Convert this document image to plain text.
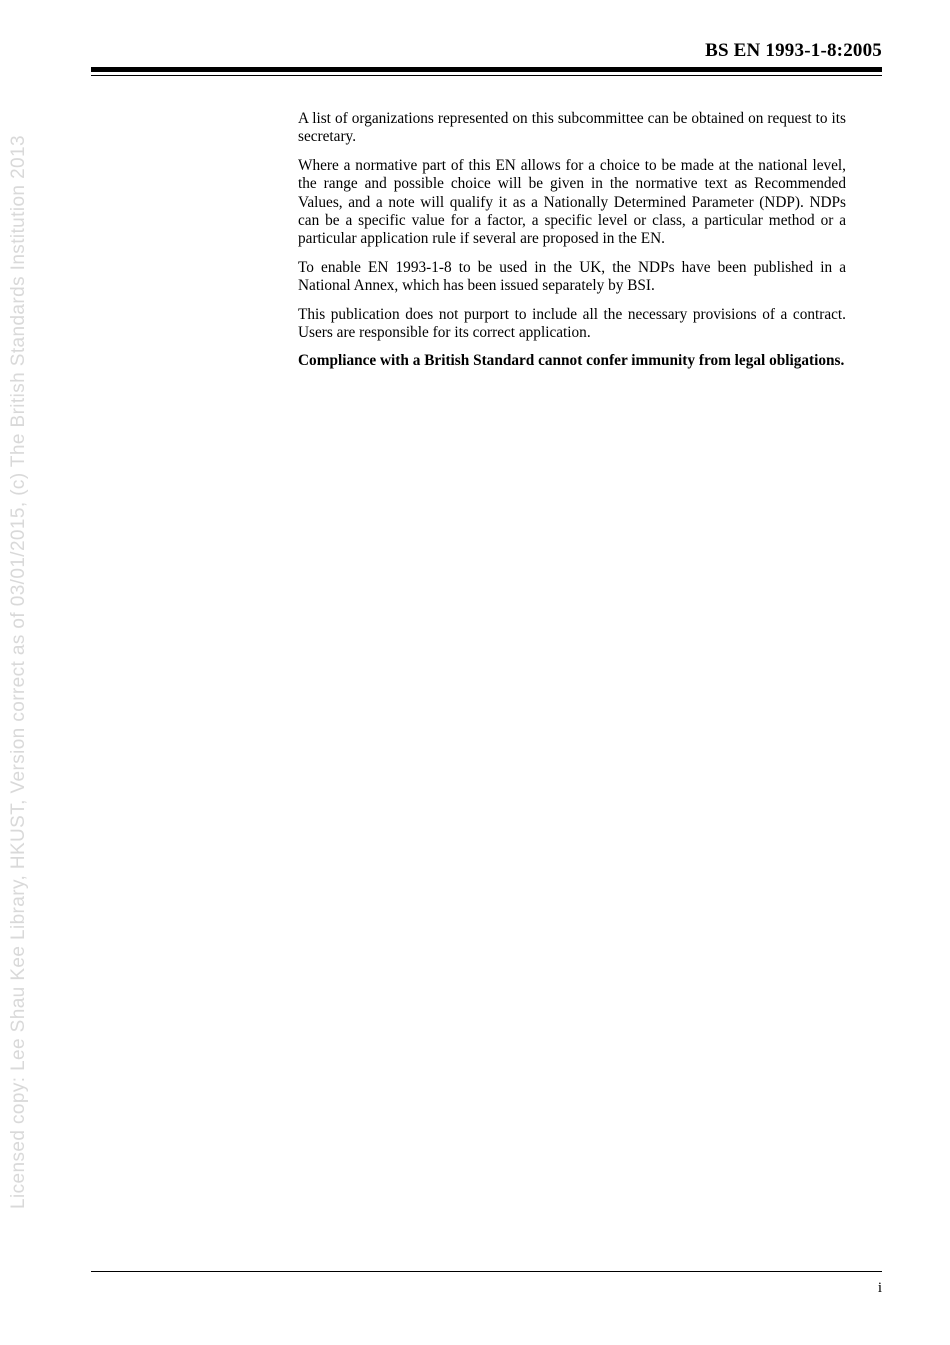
BS EN 1993-1-8:2005
Licensed copy: Lee Shau Kee Library, HKUST, Version correct as of 03/01/2015, (c) The British Standards Institution 2013

A list of organizations represented on this subcommittee can be obtained on request to its secretary.

Where a normative part of this EN allows for a choice to be made at the national level, the range and possible choice will be given in the normative text as Recommended Values, and a note will qualify it as a Nationally Determined Parameter (NDP). NDPs can be a specific value for a factor, a specific level or class, a particular method or a particular application rule if several are proposed in the EN.

To enable EN 1993-1-8 to be used in the UK, the NDPs have been published in a National Annex, which has been issued separately by BSI.

This publication does not purport to include all the necessary provisions of a contract. Users are responsible for its correct application.

Compliance with a British Standard cannot confer immunity from legal obligations.

i
